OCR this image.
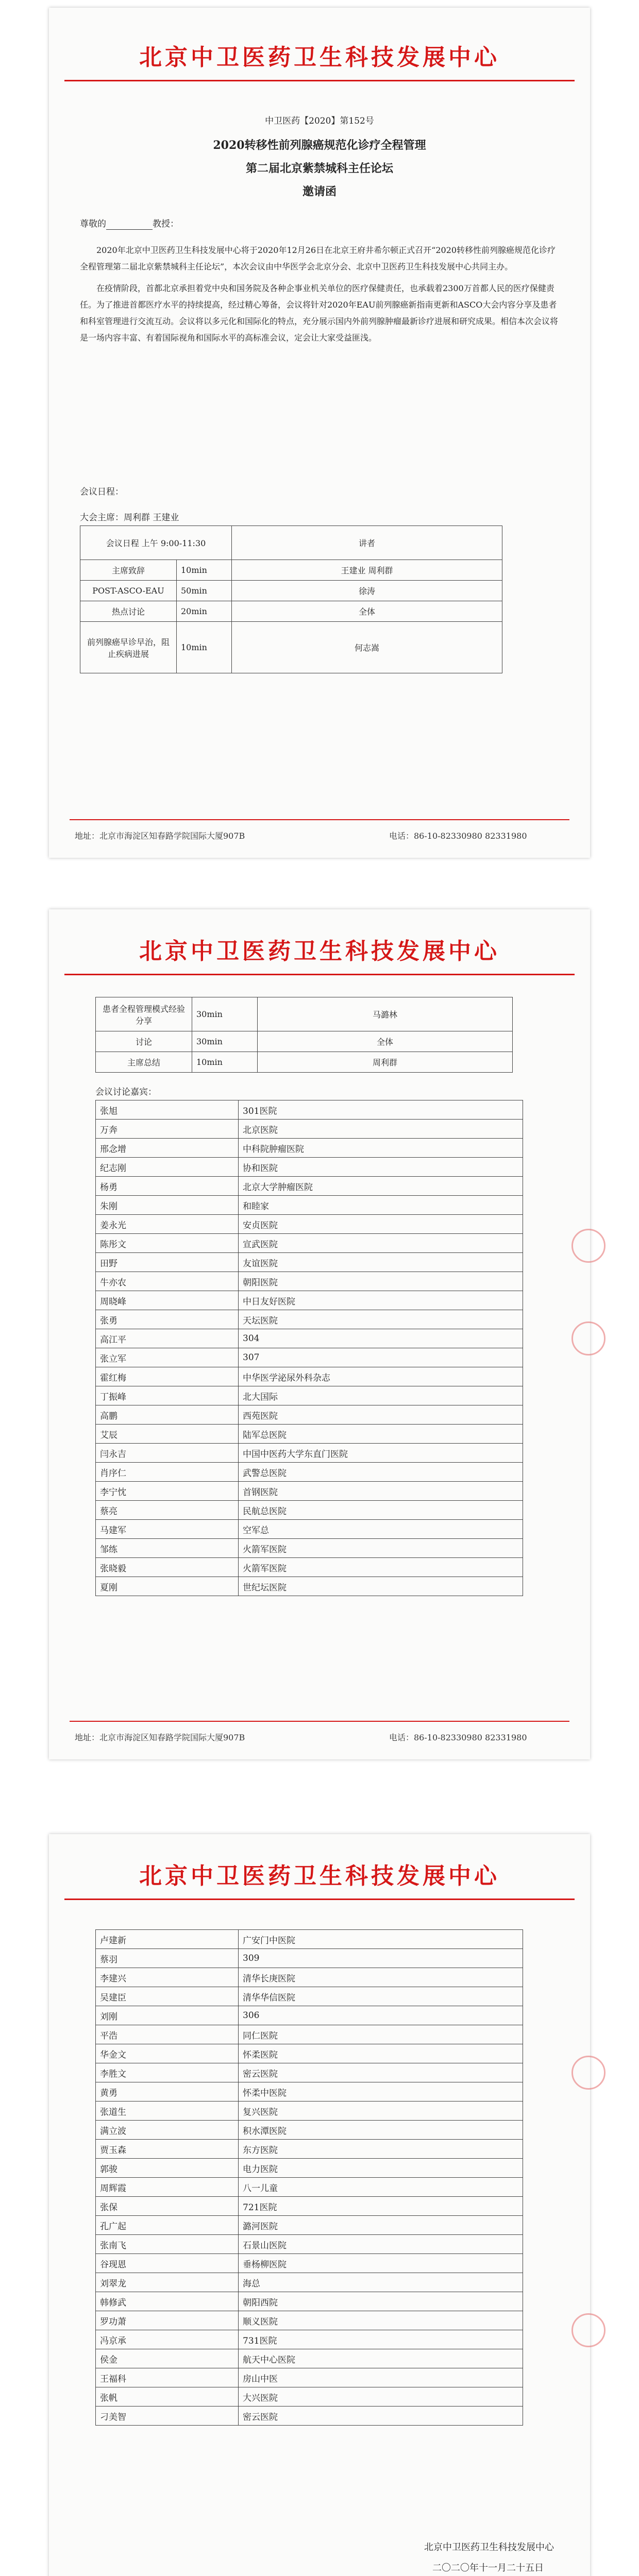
北京中卫医药卫生科技发展中心
中卫医药【2020】第152号
2020转移性前列腺癌规范化诊疗全程管理
第二届北京紫禁城科主任论坛
邀请函
尊敬的	教授：

2020年北京中卫医药卫生科技发展中心将于2020年12月26日在北京王府井希尔顿正式召开“2020转移性前列腺癌规范化诊疗全程管理第二届北京紫禁城科主任论坛”，本次会议由中华医学会北京分会、北京中卫医药卫生科技发展中心共同主办。

在疫情阶段，首都北京承担着党中央和国务院及各种企事业机关单位的医疗保健责任，也承载着2300万首都人民的医疗保健责任。为了推进首都医疗水平的持续提高，经过精心筹备，会议将针对2020年EAU前列腺癌新指南更新和ASCO大会内容分享及患者和科室管理进行交流互动。会议将以多元化和国际化的特点，充分展示国内外前列腺肿瘤最新诊疗进展和研究成果。相信本次会议将是一场内容丰富、有着国际视角和国际水平的高标准会议，定会让大家受益匪浅。

会议日程：
大会主席：周利群 王建业
会议日程 上午 9:00-11:30		讲者
主席致辞	10min	王建业 周利群
POST-ASCO-EAU	50min	徐涛
热点讨论	20min	全体
前列腺癌早诊早治，阻止疾病进展	10min	何志嵩
地址：北京市海淀区知春路学院国际大厦907B	电话：86-10-82330980 82331980
北京中卫医药卫生科技发展中心
患者全程管理模式经验分享	30min	马潞林
讨论	30min	全体
主席总结	10min	周利群
会议讨论嘉宾：
张旭	301医院
万奔	北京医院
邢念增	中科院肿瘤医院
纪志刚	协和医院
杨勇	北京大学肿瘤医院
朱刚	和睦家
姜永光	安贞医院
陈彤文	宣武医院
田野	友谊医院
牛亦农	朝阳医院
周晓峰	中日友好医院
张勇	天坛医院
高江平	304
张立军	307
霍红梅	中华医学泌尿外科杂志
丁振峰	北大国际
高鹏	西苑医院
艾辰	陆军总医院
闫永吉	中国中医药大学东直门医院
肖序仁	武警总医院
李宁忱	首钢医院
蔡亮	民航总医院
马建军	空军总
邹练	火箭军医院
张晓毅	火箭军医院
夏刚	世纪坛医院
地址：北京市海淀区知春路学院国际大厦907B	电话：86-10-82330980 82331980
北京中卫医药卫生科技发展中心
卢建新	广安门中医院
蔡羽	309
李建兴	清华长庚医院
吴建臣	清华华信医院
刘刚	306
平浩	同仁医院
华金文	怀柔医院
李胜文	密云医院
黄勇	怀柔中医院
张道生	复兴医院
满立波	积水潭医院
贾玉森	东方医院
郭骏	电力医院
周辉霞	八一儿童
张保	721医院
孔广起	潞河医院
张南飞	石景山医院
谷现恩	垂杨柳医院
刘翠龙	海总
韩修武	朝阳西院
罗功萧	顺义医院
冯京承	731医院
侯金	航天中心医院
王福科	房山中医
张帆	大兴医院
刁美智	密云医院
北京中卫医药卫生科技发展中心
二〇二〇年十一月二十五日
